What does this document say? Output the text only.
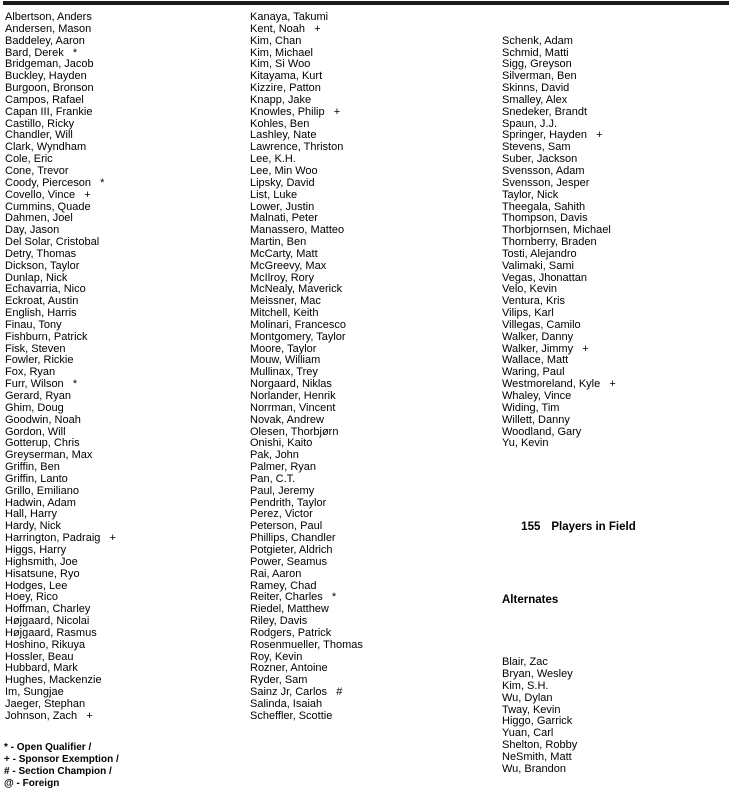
Albertson, Anders
Andersen, Mason
Baddeley, Aaron
Bard, Derek   *
Bridgeman, Jacob
Buckley, Hayden
Burgoon, Bronson
Campos, Rafael
Capan III, Frankie
Castillo, Ricky
Chandler, Will
Clark, Wyndham
Cole, Eric
Cone, Trevor
Coody, Pierceson   *
Covello, Vince   +
Cummins, Quade
Dahmen, Joel
Day, Jason
Del Solar, Cristobal
Detry, Thomas
Dickson, Taylor
Dunlap, Nick
Echavarria, Nico
Eckroat, Austin
English, Harris
Finau, Tony
Fishburn, Patrick
Fisk, Steven
Fowler, Rickie
Fox, Ryan
Furr, Wilson   *
Gerard, Ryan
Ghim, Doug
Goodwin, Noah
Gordon, Will
Gotterup, Chris
Greyserman, Max
Griffin, Ben
Griffin, Lanto
Grillo, Emiliano
Hadwin, Adam
Hall, Harry
Hardy, Nick
Harrington, Padraig   +
Higgs, Harry
Highsmith, Joe
Hisatsune, Ryo
Hodges, Lee
Hoey, Rico
Hoffman, Charley
Højgaard, Nicolai
Højgaard, Rasmus
Hoshino, Rikuya
Hossler, Beau
Hubbard, Mark
Hughes, Mackenzie
Im, Sungjae
Jaeger, Stephan
Johnson, Zach   +
Kanaya, Takumi
Kent, Noah   +
Kim, Chan
Kim, Michael
Kim, Si Woo
Kitayama, Kurt
Kizzire, Patton
Knapp, Jake
Knowles, Philip   +
Kohles, Ben
Lashley, Nate
Lawrence, Thriston
Lee, K.H.
Lee, Min Woo
Lipsky, David
List, Luke
Lower, Justin
Malnati, Peter
Manassero, Matteo
Martin, Ben
McCarty, Matt
McGreevy, Max
McIlroy, Rory
McNealy, Maverick
Meissner, Mac
Mitchell, Keith
Molinari, Francesco
Montgomery, Taylor
Moore, Taylor
Mouw, William
Mullinax, Trey
Norgaard, Niklas
Norlander, Henrik
Norrman, Vincent
Novak, Andrew
Olesen, Thorbjørn
Onishi, Kaito
Pak, John
Palmer, Ryan
Pan, C.T.
Paul, Jeremy
Pendrith, Taylor
Perez, Victor
Peterson, Paul
Phillips, Chandler
Potgieter, Aldrich
Power, Seamus
Rai, Aaron
Ramey, Chad
Reiter, Charles   *
Riedel, Matthew
Riley, Davis
Rodgers, Patrick
Rosenmueller, Thomas
Roy, Kevin
Rozner, Antoine
Ryder, Sam
Sainz Jr, Carlos   #
Salinda, Isaiah
Scheffler, Scottie

Schenk, Adam
Schmid, Matti
Sigg, Greyson
Silverman, Ben
Skinns, David
Smalley, Alex
Snedeker, Brandt
Spaun, J.J.
Springer, Hayden   +
Stevens, Sam
Suber, Jackson
Svensson, Adam
Svensson, Jesper
Taylor, Nick
Theegala, Sahith
Thompson, Davis
Thorbjornsen, Michael
Thornberry, Braden
Tosti, Alejandro
Valimaki, Sami
Vegas, Jhonattan
Velo, Kevin
Ventura, Kris
Vilips, Karl
Villegas, Camilo
Walker, Danny
Walker, Jimmy   +
Wallace, Matt
Waring, Paul
Westmoreland, Kyle   +
Whaley, Vince
Widing, Tim
Willett, Danny
Woodland, Gary
Yu, Kevin

155 Players in Field

Alternates

Blair, Zac
Bryan, Wesley
Kim, S.H.
Wu, Dylan
Tway, Kevin
Higgo, Garrick
Yuan, Carl
Shelton, Robby
NeSmith, Matt
Wu, Brandon

* - Open Qualifier /
+ - Sponsor Exemption /
# - Section Champion /
@ - Foreign
